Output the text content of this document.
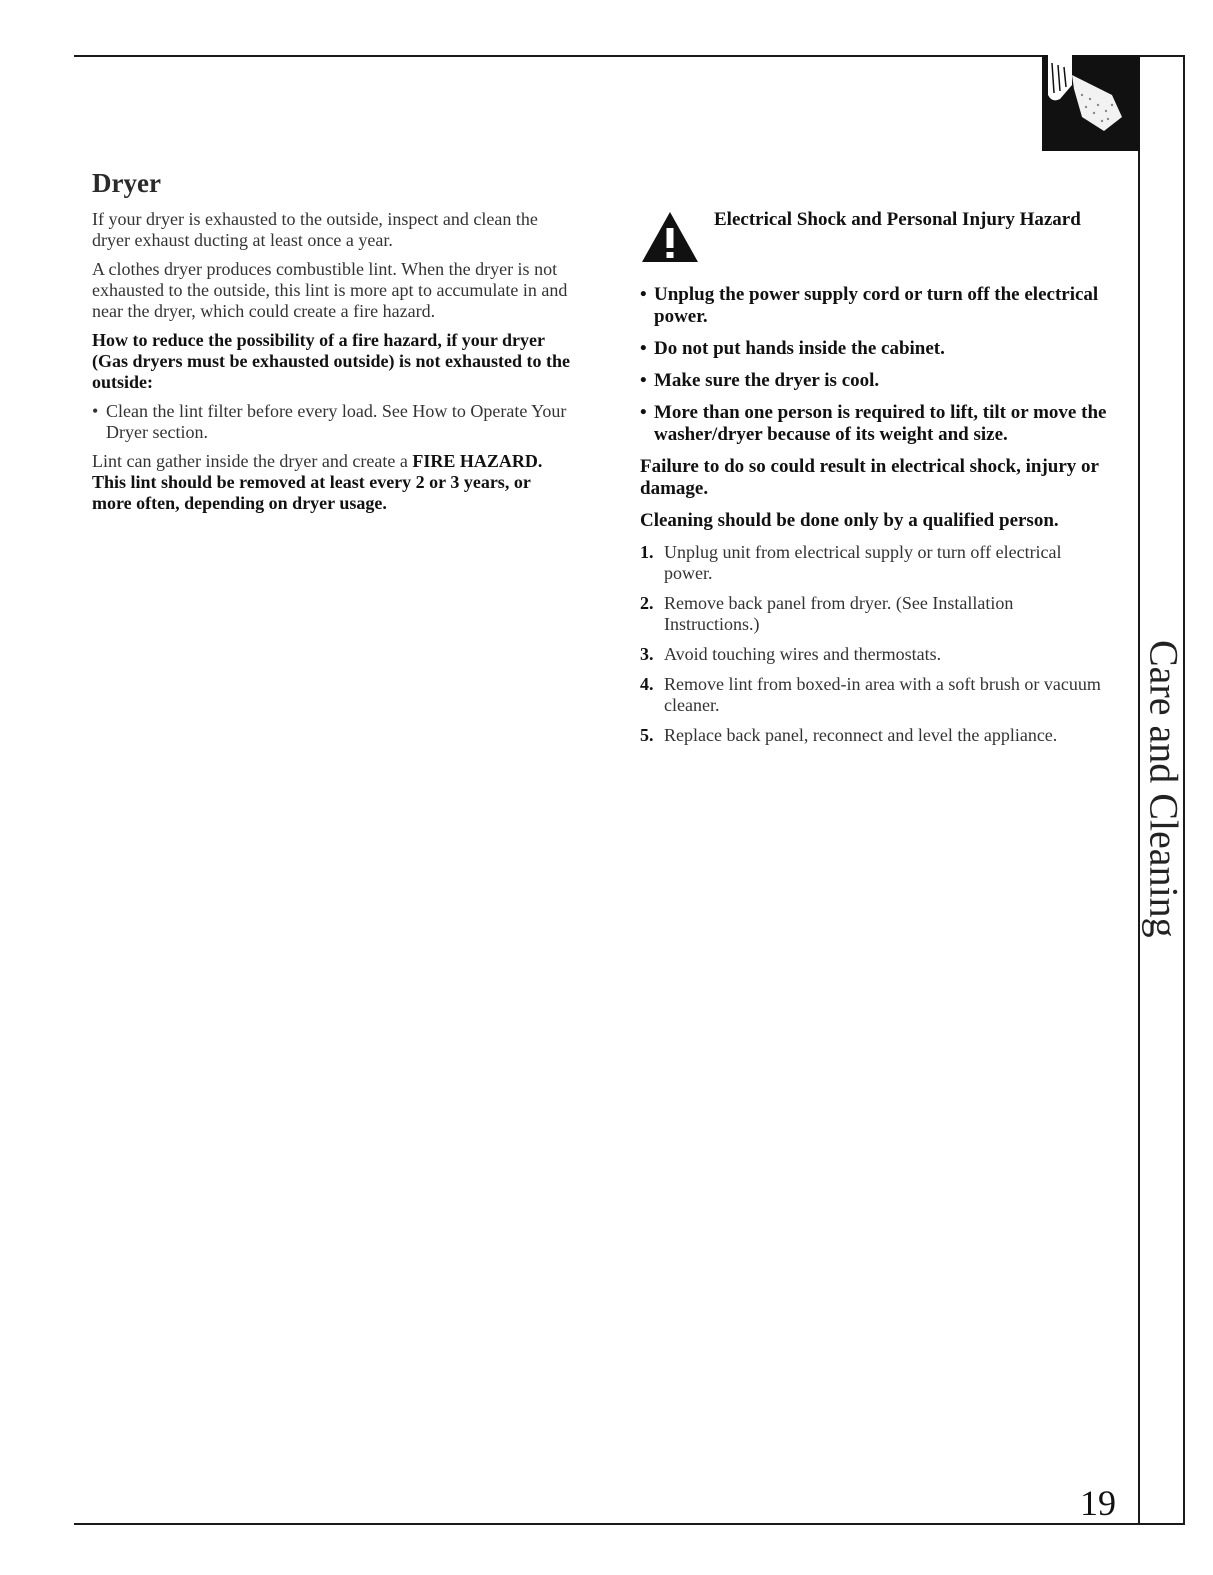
Dryer

If your dryer is exhausted to the outside, inspect and clean the dryer exhaust ducting at least once a year.

A clothes dryer produces combustible lint. When the dryer is not exhausted to the outside, this lint is more apt to accumulate in and near the dryer, which could create a fire hazard.

How to reduce the possibility of a fire hazard, if your dryer (Gas dryers must be exhausted outside) is not exhausted to the outside:

• Clean the lint filter before every load. See How to Operate Your Dryer section.

Lint can gather inside the dryer and create a FIRE HAZARD. This lint should be removed at least every 2 or 3 years, or more often, depending on dryer usage.

Electrical Shock and Personal Injury Hazard
• Unplug the power supply cord or turn off the electrical power.
• Do not put hands inside the cabinet.
• Make sure the dryer is cool.
• More than one person is required to lift, tilt or move the washer/dryer because of its weight and size.

Failure to do so could result in electrical shock, injury or damage.

Cleaning should be done only by a qualified person.

1. Unplug unit from electrical supply or turn off electrical power.
2. Remove back panel from dryer. (See Installation Instructions.)
3. Avoid touching wires and thermostats.
4. Remove lint from boxed-in area with a soft brush or vacuum cleaner.
5. Replace back panel, reconnect and level the appliance.	Care and Cleaning
19
